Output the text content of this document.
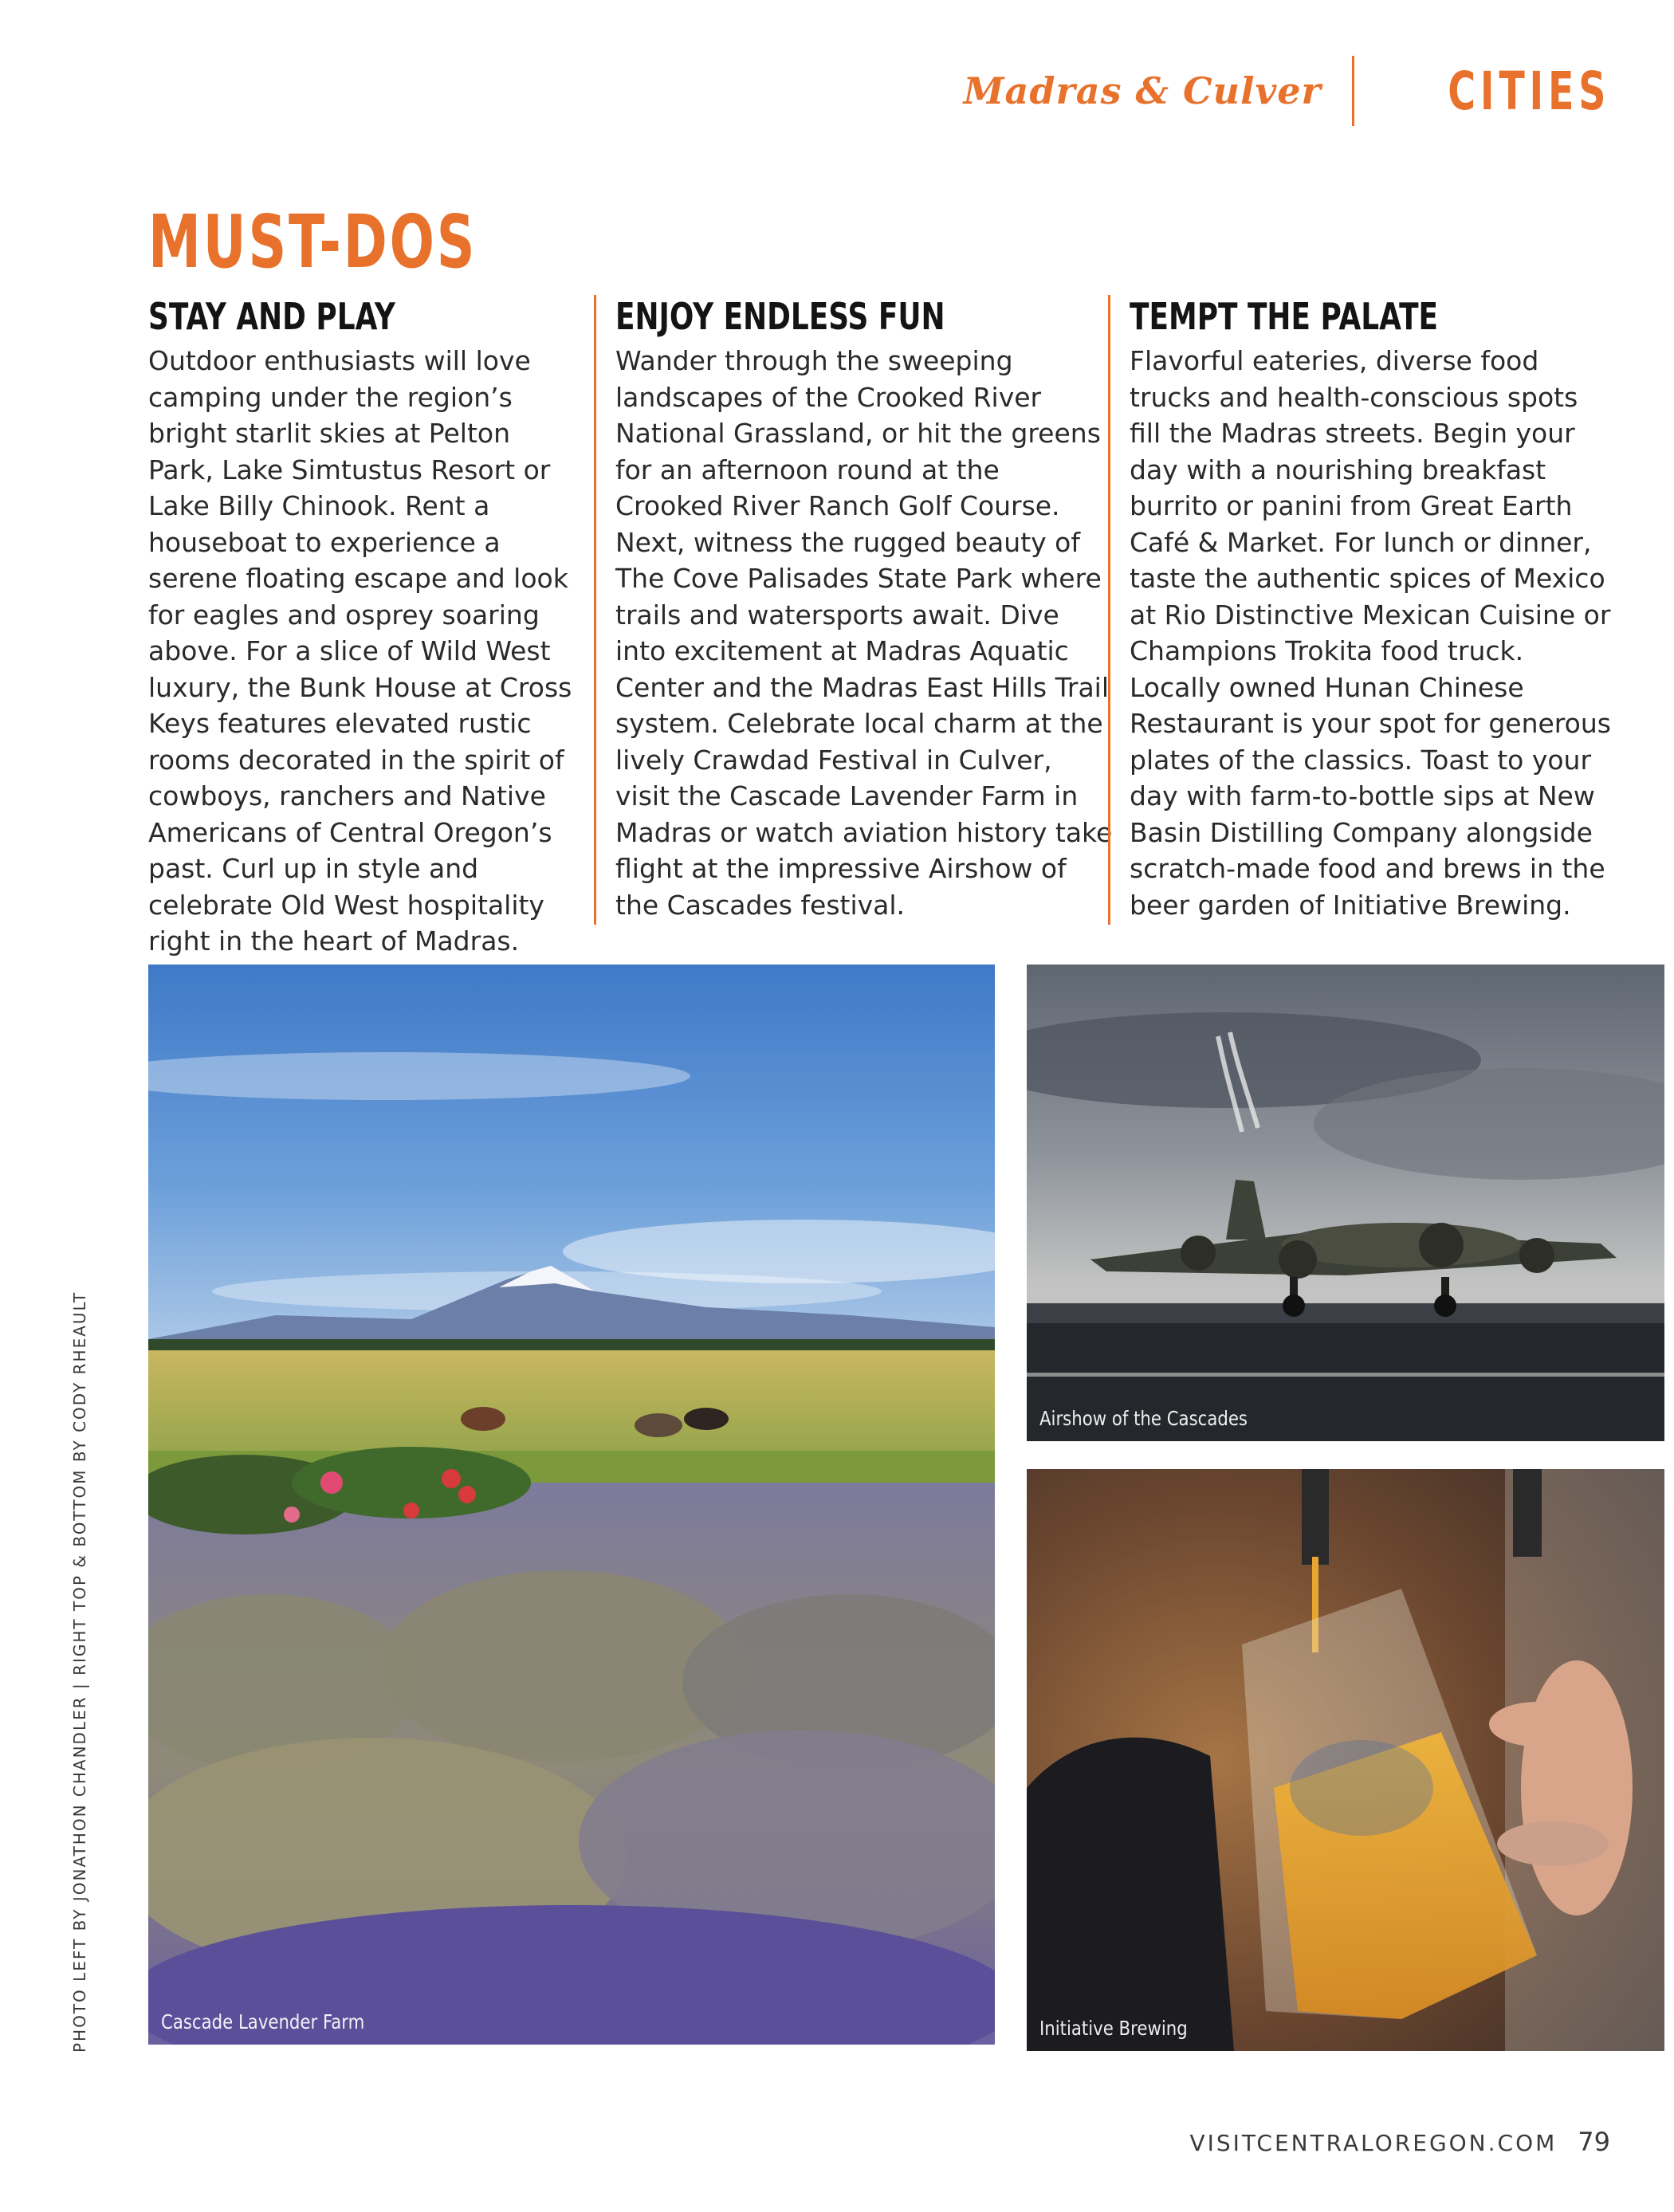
Madras & Culver CITIES
MUST-DOS
STAY AND PLAY
Outdoor enthusiasts will love camping under the region’s bright starlit skies at Pelton Park, Lake Simtustus Resort or Lake Billy Chinook. Rent a houseboat to experience a serene floating escape and look for eagles and osprey soaring above. For a slice of Wild West luxury, the Bunk House at Cross Keys features elevated rustic rooms decorated in the spirit of cowboys, ranchers and Native Americans of Central Oregon’s past. Curl up in style and celebrate Old West hospitality right in the heart of Madras.
ENJOY ENDLESS FUN
Wander through the sweeping landscapes of the Crooked River National Grassland, or hit the greens for an afternoon round at the Crooked River Ranch Golf Course. Next, witness the rugged beauty of The Cove Palisades State Park where trails and watersports await. Dive into excitement at Madras Aquatic Center and the Madras East Hills Trail system. Celebrate local charm at the lively Crawdad Festival in Culver, visit the Cascade Lavender Farm in Madras or watch aviation history take flight at the impressive Airshow of the Cascades festival.
TEMPT THE PALATE
Flavorful eateries, diverse food trucks and health-conscious spots fill the Madras streets. Begin your day with a nourishing breakfast burrito or panini from Great Earth Café & Market. For lunch or dinner, taste the authentic spices of Mexico at Rio Distinctive Mexican Cuisine or Champions Trokita food truck. Locally owned Hunan Chinese Restaurant is your spot for generous plates of the classics. Toast to your day with farm-to-bottle sips at New Basin Distilling Company alongside scratch-made food and brews in the beer garden of Initiative Brewing.
Cascade Lavender Farm
Airshow of the Cascades
Initiative Brewing
PHOTO LEFT BY JONATHON CHANDLER | RIGHT TOP & BOTTOM BY CODY RHEAULT
VISITCENTRALOREGON.COM 79
